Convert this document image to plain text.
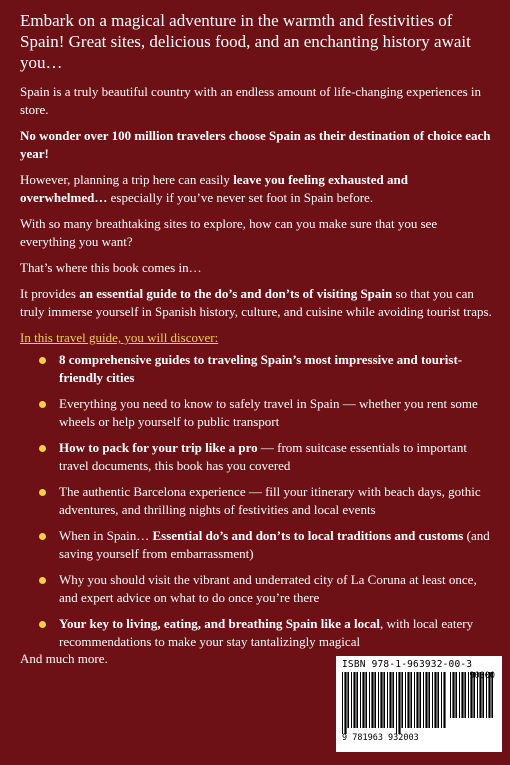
Embark on a magical adventure in the warmth and festivities of Spain! Great sites, delicious food, and an enchanting history await you…

Spain is a truly beautiful country with an endless amount of life-changing experiences in store.

No wonder over 100 million travelers choose Spain as their destination of choice each year!

However, planning a trip here can easily leave you feeling exhausted and overwhelmed… especially if you’ve never set foot in Spain before.

With so many breathtaking sites to explore, how can you make sure that you see everything you want?

That’s where this book comes in…

It provides an essential guide to the do’s and don’ts of visiting Spain so that you can truly immerse yourself in Spanish history, culture, and cuisine while avoiding tourist traps.

In this travel guide, you will discover:
8 comprehensive guides to traveling Spain’s most impressive and tourist-friendly cities
Everything you need to know to safely travel in Spain — whether you rent some wheels or help yourself to public transport
How to pack for your trip like a pro — from suitcase essentials to important travel documents, this book has you covered
The authentic Barcelona experience — fill your itinerary with beach days, gothic adventures, and thrilling nights of festivities and local events
When in Spain… Essential do’s and don’ts to local traditions and customs (and saving yourself from embarrassment)
Why you should visit the vibrant and underrated city of La Coruna at least once, and expert advice on what to do once you’re there
Your key to living, eating, and breathing Spain like a local, with local eatery recommendations to make your stay tantalizingly magical

And much more.	ISBN 978-1-963932-00-3
9 781963 932003
90000
